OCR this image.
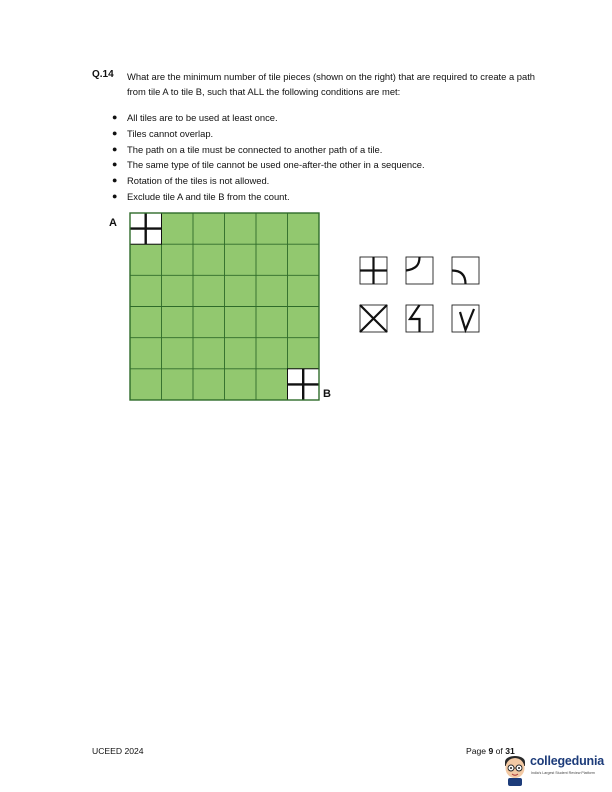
Q.14 What are the minimum number of tile pieces (shown on the right) that are required to create a path from tile A to tile B, such that ALL the following conditions are met:
● All tiles are to be used at least once.
● Tiles cannot overlap.
● The path on a tile must be connected to another path of a tile.
● The same type of tile cannot be used one-after-the other in a sequence.
● Rotation of the tiles is not allowed.
● Exclude tile A and tile B from the count.
A
B
UCEED 2024	Page 9 of 31
collegedunia
India's Largest Student Review Platform
